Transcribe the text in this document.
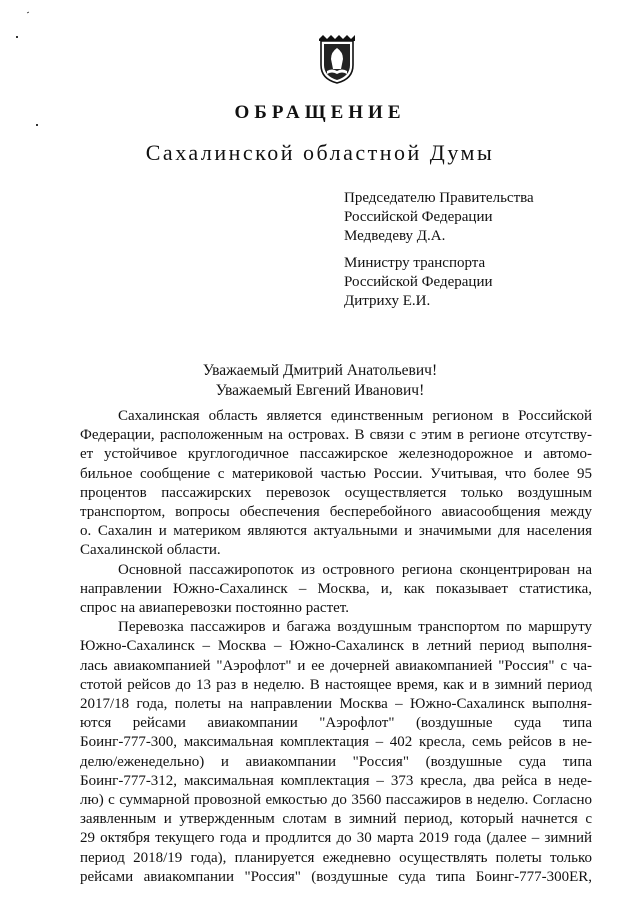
ОБРАЩЕНИЕ
Сахалинской областной Думы
Председателю Правительства
Российской Федерации
Медведеву Д.А.
Министру транспорта
Российской Федерации
Дитриху Е.И.
Уважаемый Дмитрий Анатольевич!
Уважаемый Евгений Иванович!

Сахалинская область является единственным регионом в Российской
Федерации, расположенным на островах. В связи с этим в регионе отсутству-
ет устойчивое круглогодичное пассажирское железнодорожное и автомо-
бильное сообщение с материковой частью России. Учитывая, что более 95
процентов пассажирских перевозок осуществляется только воздушным
транспортом, вопросы обеспечения бесперебойного авиасообщения между
о. Сахалин и материком являются актуальными и значимыми для населения
Сахалинской области.

Основной пассажиропоток из островного региона сконцентрирован на
направлении Южно-Сахалинск – Москва, и, как показывает статистика,
спрос на авиаперевозки постоянно растет.

Перевозка пассажиров и багажа воздушным транспортом по маршруту
Южно-Сахалинск – Москва – Южно-Сахалинск в летний период выполня-
лась авиакомпанией "Аэрофлот" и ее дочерней авиакомпанией "Россия" с ча-
стотой рейсов до 13 раз в неделю. В настоящее время, как и в зимний период
2017/18 года, полеты на направлении Москва – Южно-Сахалинск выполня-
ются рейсами авиакомпании "Аэрофлот" (воздушные суда типа
Боинг-777-300, максимальная комплектация – 402 кресла, семь рейсов в не-
делю/еженедельно) и авиакомпании "Россия" (воздушные суда типа
Боинг-777-312, максимальная комплектация – 373 кресла, два рейса в неде-
лю) с суммарной провозной емкостью до 3560 пассажиров в неделю. Согласно
заявленным и утвержденным слотам в зимний период, который начнется с
29 октября текущего года и продлится до 30 марта 2019 года (далее – зимний
период 2018/19 года), планируется ежедневно осуществлять полеты только
рейсами авиакомпании "Россия" (воздушные суда типа Боинг-777-300ER,
